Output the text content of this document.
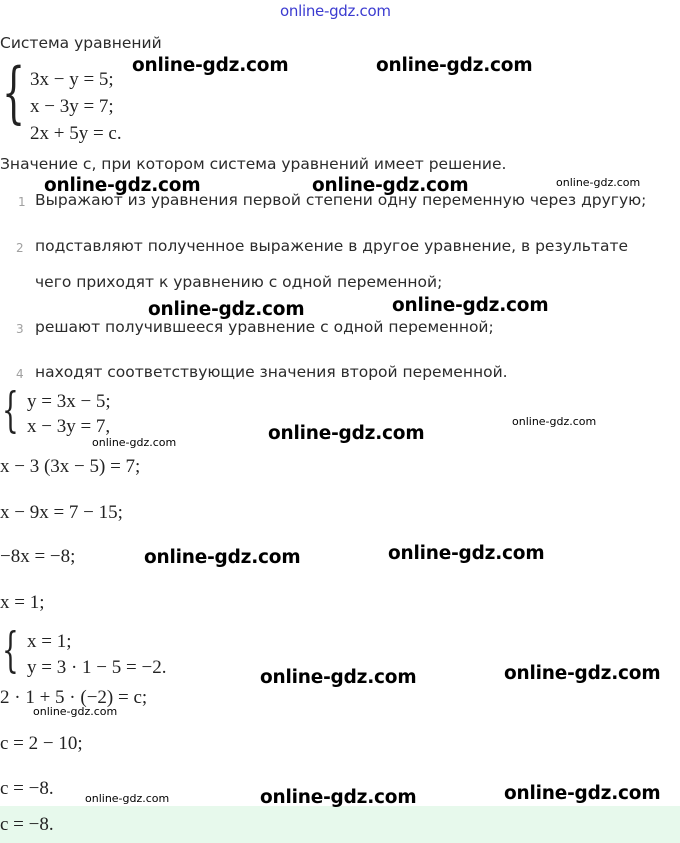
online-gdz.com
Система уравнений
{ 3x − y = 5;
x − 3y = 7;
2x + 5y = c.
Значение c, при котором система уравнений имеет решение.
1 Выражают из уравнения первой степени одну переменную через другую;
2 подставляют полученное выражение в другое уравнение, в результате
чего приходят к уравнению с одной переменной;
3 решают получившееся уравнение с одной переменной;
4 находят соответствующие значения второй переменной.
{ y = 3x − 5;
x − 3y = 7,
x − 3 (3x − 5) = 7;
x − 9x = 7 − 15;
−8x = −8;
x = 1;
{ x = 1;
y = 3 · 1 − 5 = −2.
2 · 1 + 5 · (−2) = c;
c = 2 − 10;
c = −8.
c = −8.
online-gdz.com	online-gdz.com
online-gdz.com	online-gdz.com
online-gdz.com	online-gdz.com
online-gdz.com
online-gdz.com	online-gdz.com
online-gdz.com	online-gdz.com
online-gdz.com	online-gdz.com
online-gdz.com
online-gdz.com
online-gdz.com
online-gdz.com
online-gdz.com
